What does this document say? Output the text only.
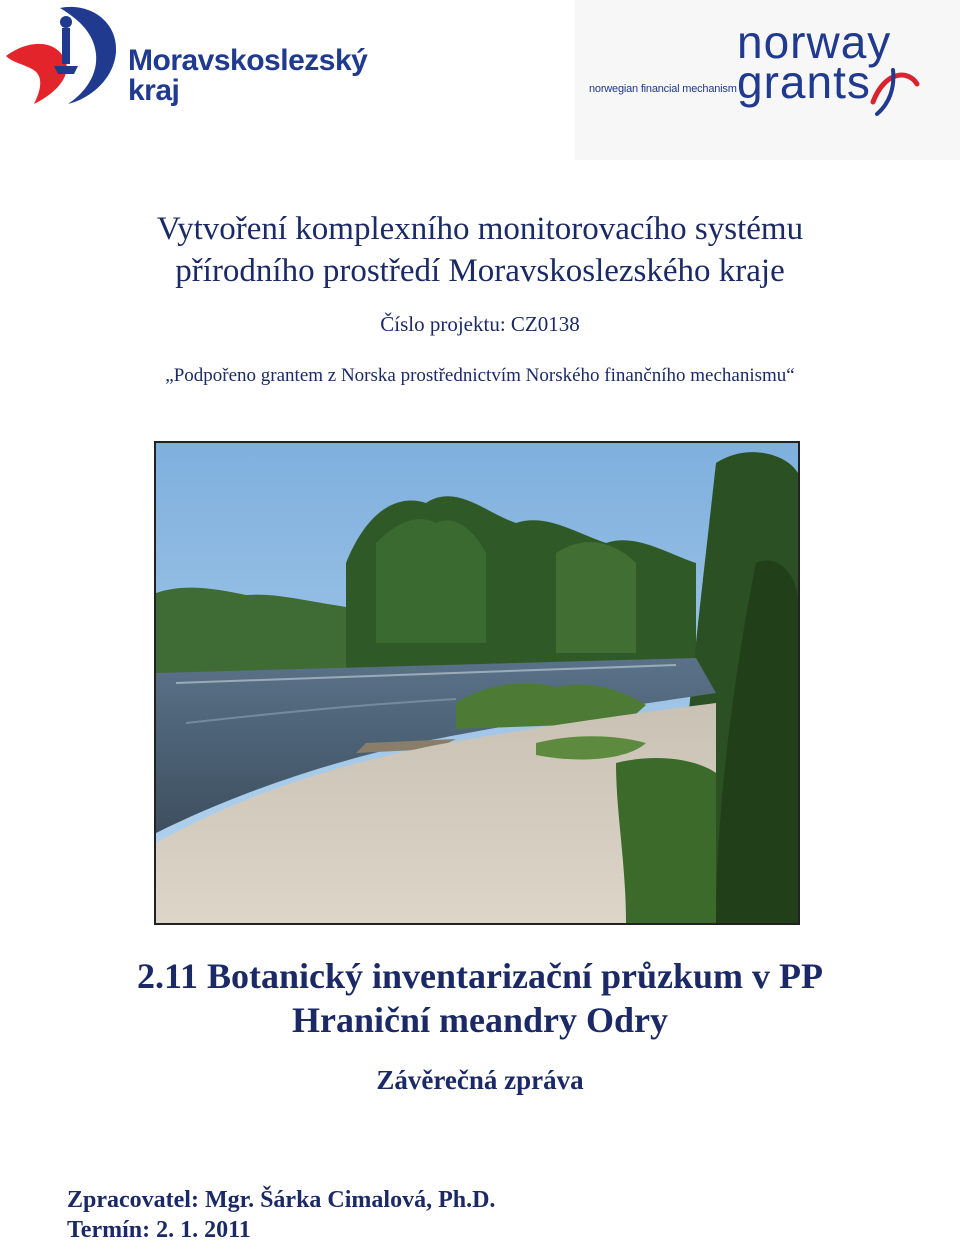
Moravskoslezský
kraj	norwegian financial mechanism
norway
grants
Vytvoření komplexního monitorovacího systému
přírodního prostředí Moravskoslezského kraje
Číslo projektu: CZ0138
„Podpořeno grantem z Norska prostřednictvím Norského finančního mechanismu“
2.11 Botanický inventarizační průzkum v PP
Hraniční meandry Odry
Závěrečná zpráva
Zpracovatel: Mgr. Šárka Cimalová, Ph.D.
Termín: 2. 1. 2011
